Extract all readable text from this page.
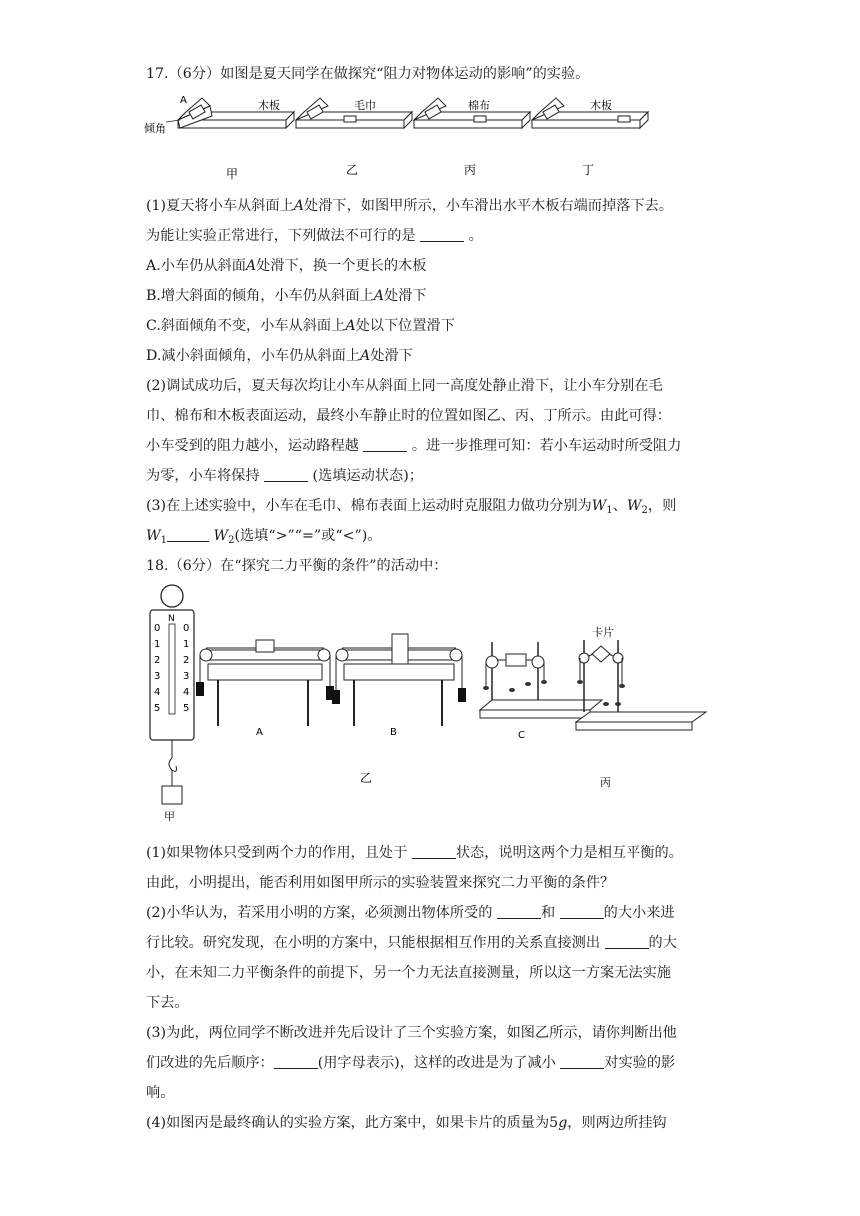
17.（6分）如图是夏天同学在做探究“阻力对物体运动的影响”的实验。
A
倾角
木板	毛巾	棉布	木板
甲	乙	丙	丁
(1)夏天将小车从斜面上A处滑下，如图甲所示，小车滑出水平木板右端而掉落下去。
为能让实验正常进行，下列做法不可行的是	。
A.小车仍从斜面A处滑下，换一个更长的木板
B.增大斜面的倾角，小车仍从斜面上A处滑下
C.斜面倾角不变，小车从斜面上A处以下位置滑下
D.减小斜面倾角，小车仍从斜面上A处滑下
(2)调试成功后，夏天每次均让小车从斜面上同一高度处静止滑下，让小车分别在毛
巾、棉布和木板表面运动，最终小车静止时的位置如图乙、丙、丁所示。由此可得：
小车受到的阻力越小，运动路程越	。进一步推理可知：若小车运动时所受阻力
为零，小车将保持	(选填运动状态)；
(3)在上述实验中，小车在毛巾、棉布表面上运动时克服阻力做功分别为$W_1$、$W_2$，则
$W_1$	$W_2$(选填“>”“=”或“<”)。
18.（6分）在“探究二力平衡的条件”的活动中：
N
0 0
1 1
2 2
3 3
4 4
5 5
甲
A	B	C
卡片
丙
乙
(1)如果物体只受到两个力的作用，且处于	状态，说明这两个力是相互平衡的。
由此，小明提出，能否利用如图甲所示的实验装置来探究二力平衡的条件？
(2)小华认为，若采用小明的方案，必须测出物体所受的	和	的大小来进
行比较。研究发现，在小明的方案中，只能根据相互作用的关系直接测出	的大
小，在未知二力平衡条件的前提下，另一个力无法直接测量，所以这一方案无法实施
下去。
(3)为此，两位同学不断改进并先后设计了三个实验方案，如图乙所示，请你判断出他
们改进的先后顺序：	(用字母表示)，这样的改进是为了减小	对实验的影
响。
(4)如图丙是最终确认的实验方案，此方案中，如果卡片的质量为5g，则两边所挂钩
